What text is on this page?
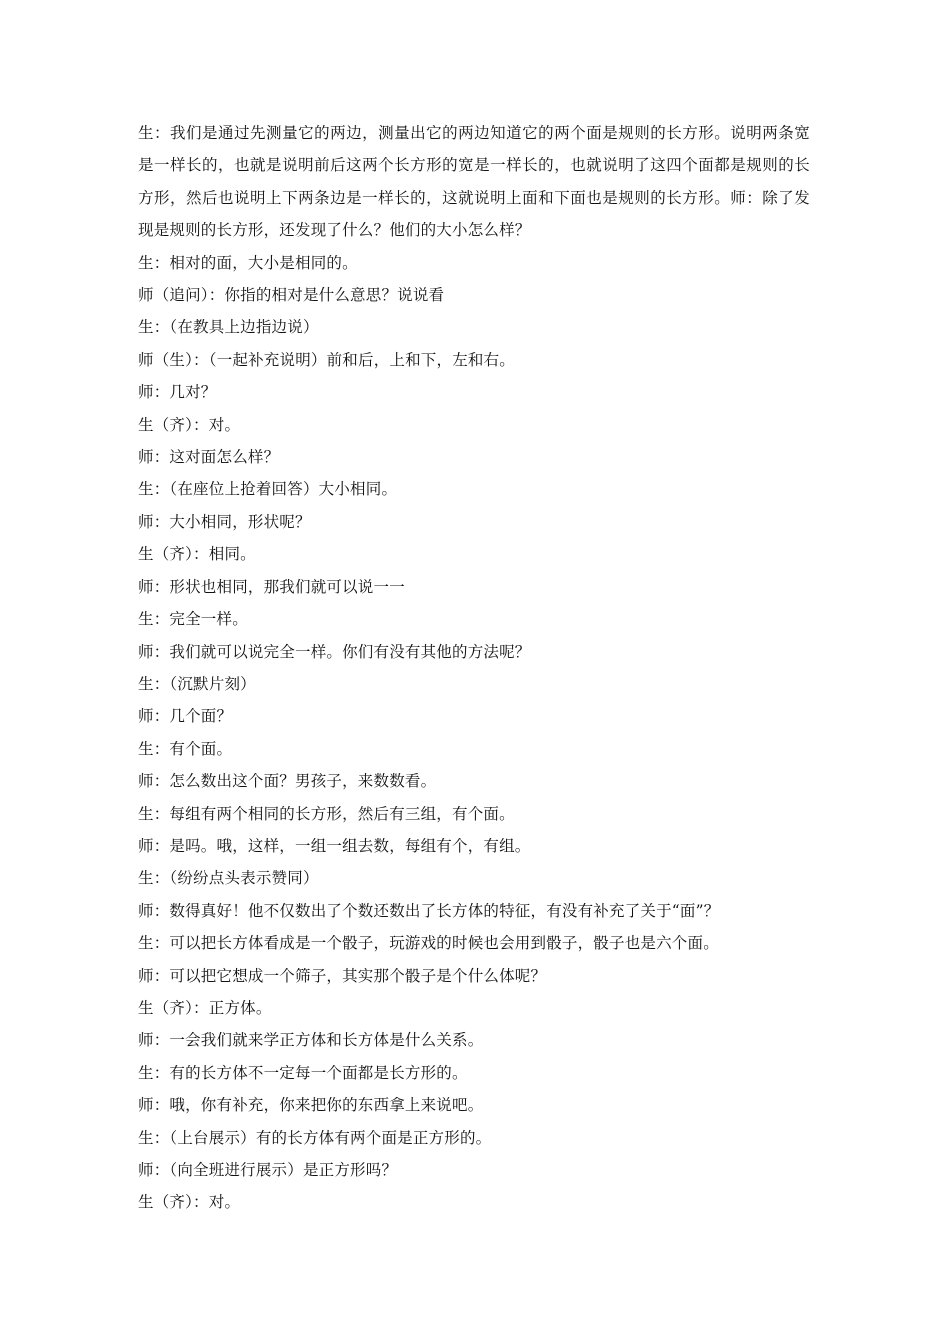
生：我们是通过先测量它的两边，测量出它的两边知道它的两个面是规则的长方形。说明两条宽是一样长的，也就是说明前后这两个长方形的宽是一样长的，也就说明了这四个面都是规则的长方形，然后也说明上下两条边是一样长的，这就说明上面和下面也是规则的长方形。师：除了发现是规则的长方形，还发现了什么？他们的大小怎么样？

生：相对的面，大小是相同的。

师（追问）：你指的相对是什么意思？说说看

生：（在教具上边指边说）

师（生）：（一起补充说明）前和后，上和下，左和右。

师：几对？

生（齐）：对。

师：这对面怎么样？

生：（在座位上抢着回答）大小相同。

师：大小相同，形状呢？

生（齐）：相同。

师：形状也相同，那我们就可以说一一

生：完全一样。

师：我们就可以说完全一样。你们有没有其他的方法呢？

生：（沉默片刻）

师：几个面？

生：有个面。

师：怎么数出这个面？男孩子，来数数看。

生：每组有两个相同的长方形，然后有三组，有个面。

师：是吗。哦，这样，一组一组去数，每组有个，有组。

生：（纷纷点头表示赞同）

师：数得真好！他不仅数出了个数还数出了长方体的特征，有没有补充了关于“面”？

生：可以把长方体看成是一个骰子，玩游戏的时候也会用到骰子，骰子也是六个面。

师：可以把它想成一个筛子，其实那个骰子是个什么体呢？

生（齐）：正方体。

师：一会我们就来学正方体和长方体是什么关系。

生：有的长方体不一定每一个面都是长方形的。

师：哦，你有补充，你来把你的东西拿上来说吧。

生：（上台展示）有的长方体有两个面是正方形的。

师：（向全班进行展示）是正方形吗？

生（齐）：对。
